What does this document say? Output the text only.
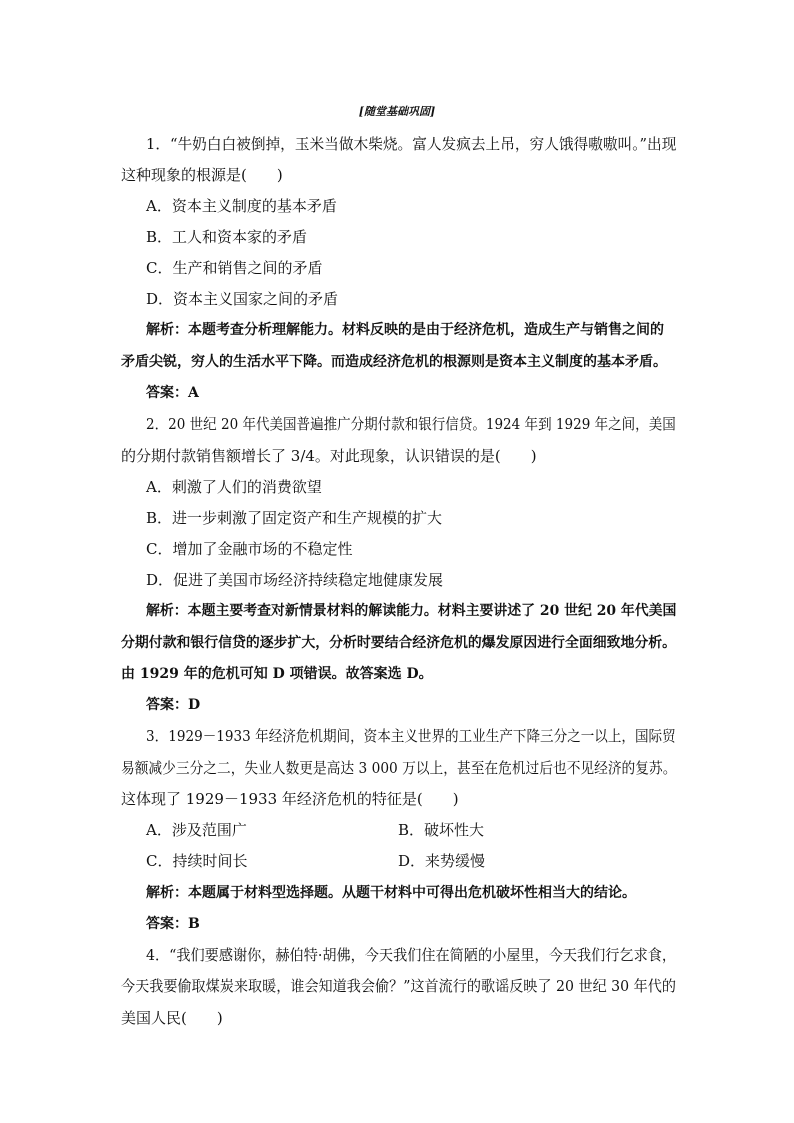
[随堂基础巩固]
1．“牛奶白白被倒掉，玉米当做木柴烧。富人发疯去上吊，穷人饿得嗷嗷叫。”出现
这种现象的根源是(　　)
A．资本主义制度的基本矛盾
B．工人和资本家的矛盾
C．生产和销售之间的矛盾
D．资本主义国家之间的矛盾
解析：本题考查分析理解能力。材料反映的是由于经济危机，造成生产与销售之间的
矛盾尖锐，穷人的生活水平下降。而造成经济危机的根源则是资本主义制度的基本矛盾。
答案：A
2．20 世纪 20 年代美国普遍推广分期付款和银行信贷。1924 年到 1929 年之间，美国
的分期付款销售额增长了 3/4。对此现象，认识错误的是(　　)
A．刺激了人们的消费欲望
B．进一步刺激了固定资产和生产规模的扩大
C．增加了金融市场的不稳定性
D．促进了美国市场经济持续稳定地健康发展
解析：本题主要考查对新情景材料的解读能力。材料主要讲述了 20 世纪 20 年代美国
分期付款和银行信贷的逐步扩大，分析时要结合经济危机的爆发原因进行全面细致地分析。
由 1929 年的危机可知 D 项错误。故答案选 D。
答案：D
3．1929－1933 年经济危机期间，资本主义世界的工业生产下降三分之一以上，国际贸
易额减少三分之二，失业人数更是高达 3 000 万以上，甚至在危机过后也不见经济的复苏。
这体现了 1929－1933 年经济危机的特征是(　　)
A．涉及范围广	B．破坏性大
C．持续时间长	D．来势缓慢
解析：本题属于材料型选择题。从题干材料中可得出危机破坏性相当大的结论。
答案：B
4．“我们要感谢你，赫伯特·胡佛，今天我们住在简陋的小屋里，今天我们行乞求食，
今天我要偷取煤炭来取暖，谁会知道我会偷？”这首流行的歌谣反映了 20 世纪 30 年代的
美国人民(　　)
